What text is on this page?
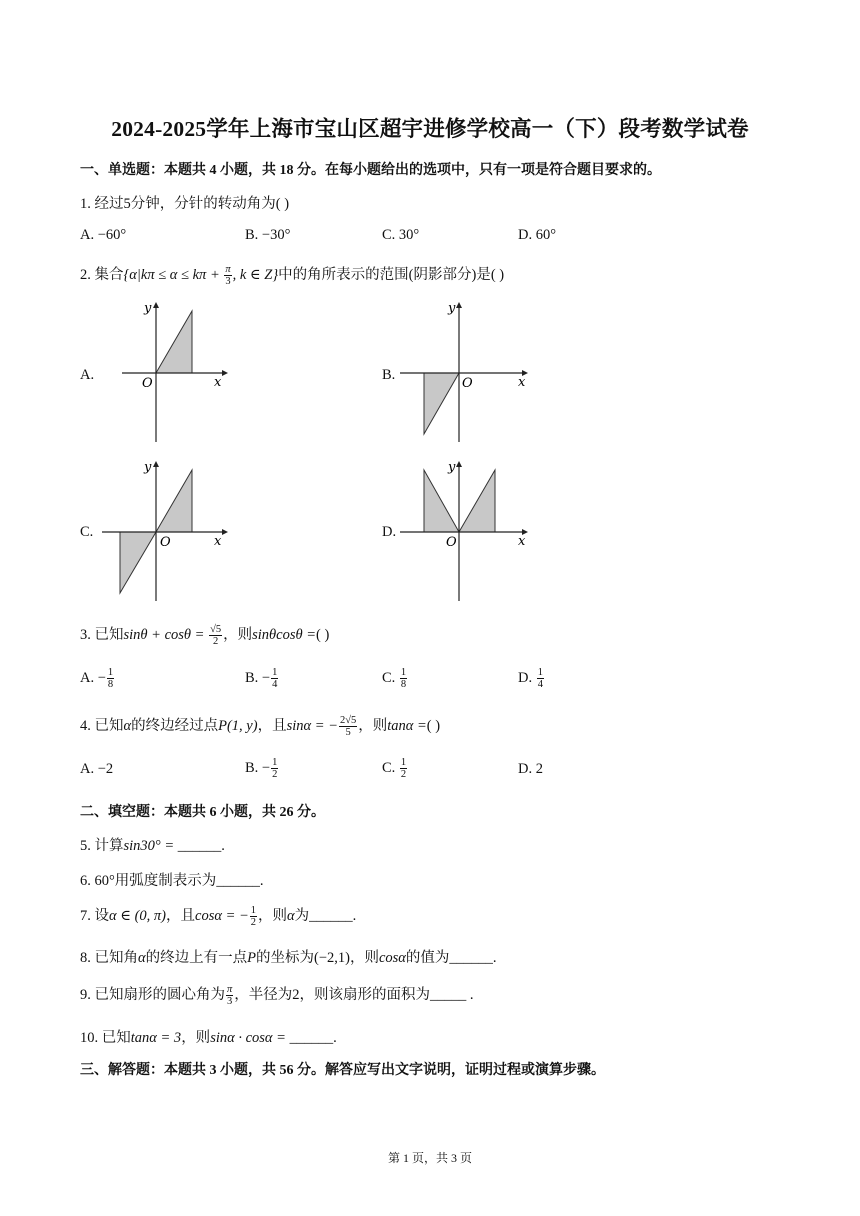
2024-2025学年上海市宝山区超宇进修学校高一（下）段考数学试卷
一、单选题：本题共 4 小题，共 18 分。在每小题给出的选项中，只有一项是符合题目要求的。
1. 经过5分钟，分针的转动角为( )
A. −60°	B. −30°	C. 30°	D. 60°
2. 集合{$\alpha|k\pi \le \alpha \le k\pi + \frac{\pi}{3}$ , k ∈ Z}中的角所表示的范围(阴影部分)是( )
A.	B.
C.	D.
x
y
O	x
y
O
x
y
O	x
y
O
3. 已知$\sin\theta + \cos\theta = \frac{√5}{2}$ ，则sinθcosθ =( )
A. − $\frac{1}{8}$	B. − $\frac{1}{4}$	C. $\frac{1}{8}$	D. $\frac{1}{4}$
4. 已知α的终边经过点P(1, y)，且sinα = − $\frac{2√5}{5}$ ，则tanα =( )
A. −2	B. − $\frac{1}{2}$	C. $\frac{1}{2}$	D. 2
二、填空题：本题共 6 小题，共 26 分。
5. 计算sin30° = ______.
6. 60°用弧度制表示为______.
7. 设α ∈ (0, π)，且cosα = − $\frac{1}{2}$ ，则α为______.
8. 已知角α的终边上有一点P的坐标为(−2,1)，则cosα的值为______.
9. 已知扇形的圆心角为 $\frac{\pi}{3}$ ，半径为2，则该扇形的面积为_____ .
10. 已知tanα = 3，则sinα · cosα = ______.
三、解答题：本题共 3 小题，共 56 分。解答应写出文字说明，证明过程或演算步骤。
第 1 页，共 3 页
